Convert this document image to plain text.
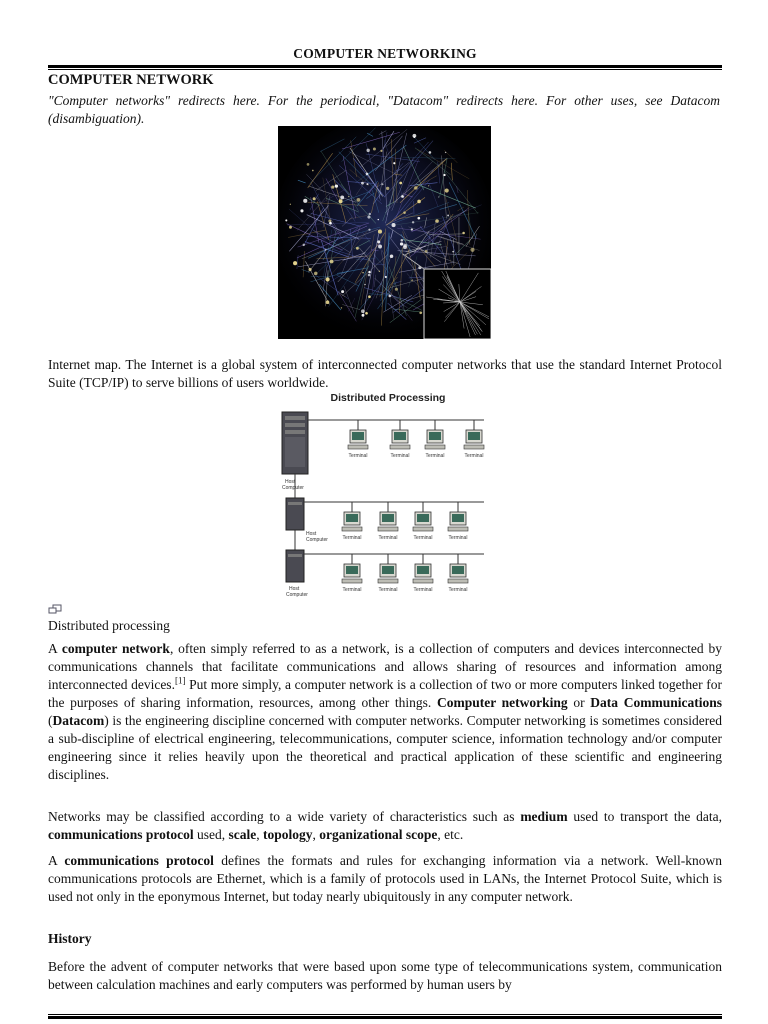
COMPUTER NETWORKING
COMPUTER NETWORK
"Computer networks" redirects here. For the periodical, "Datacom" redirects here. For other uses, see Datacom (disambiguation).
Internet map. The Internet is a global system of interconnected computer networks that use the standard Internet Protocol Suite (TCP/IP) to serve billions of users worldwide.
Distributed Processing
Host
Computer
Terminal	Terminal	Terminal	Terminal
Host
Computer	Terminal	Terminal	Terminal	Terminal
Host
Computer
Terminal	Terminal	Terminal	Terminal
Distributed processing

A computer network, often simply referred to as a network, is a collection of computers and devices interconnected by communications channels that facilitate communications and allows sharing of resources and information among interconnected devices.[1] Put more simply, a computer network is a collection of two or more computers linked together for the purposes of sharing information, resources, among other things. Computer networking or Data Communications (Datacom) is the engineering discipline concerned with computer networks. Computer networking is sometimes considered a sub-discipline of electrical engineering, telecommunications, computer science, information technology and/or computer engineering since it relies heavily upon the theoretical and practical application of these scientific and engineering disciplines.

Networks may be classified according to a wide variety of characteristics such as medium used to transport the data, communications protocol used, scale, topology, organizational scope, etc.

A communications protocol defines the formats and rules for exchanging information via a network. Well-known communications protocols are Ethernet, which is a family of protocols used in LANs, the Internet Protocol Suite, which is used not only in the eponymous Internet, but today nearly ubiquitously in any computer network.

History

Before the advent of computer networks that were based upon some type of telecommunications system, communication between calculation machines and early computers was performed by human users by
